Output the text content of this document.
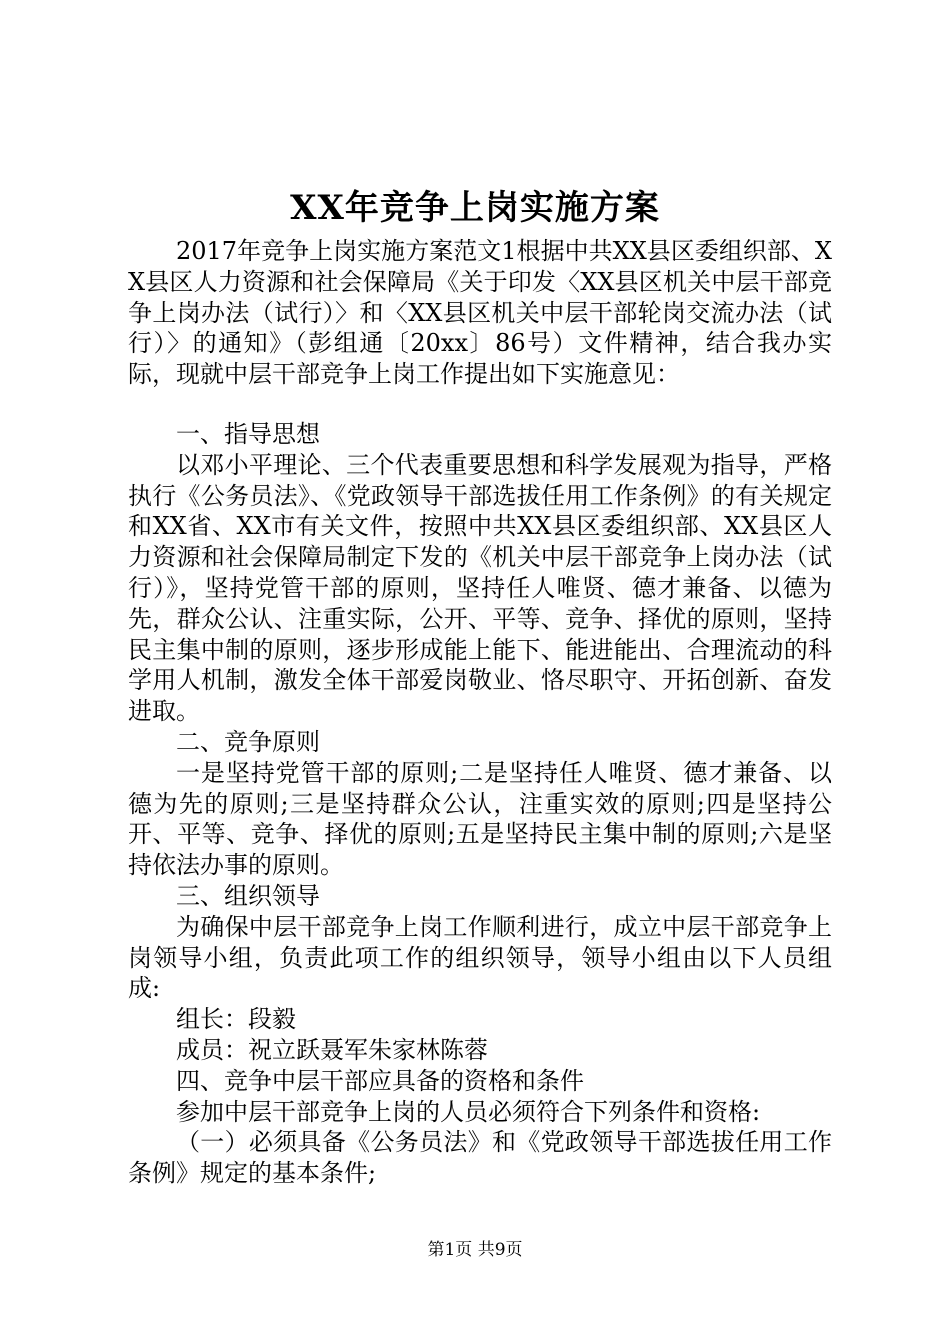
XX年竞争上岗实施方案

2017年竞争上岗实施方案范文1根据中共XX县区委组织部、XX县区人力资源和社会保障局《关于印发〈XX县区机关中层干部竞争上岗办法（试行）〉和〈XX县区机关中层干部轮岗交流办法（试行）〉的通知》（彭组通〔20xx〕86号）文件精神，结合我办实际，现就中层干部竞争上岗工作提出如下实施意见：

一、指导思想

以邓小平理论、三个代表重要思想和科学发展观为指导，严格执行《公务员法》、《党政领导干部选拔任用工作条例》的有关规定和XX省、XX市有关文件，按照中共XX县区委组织部、XX县区人力资源和社会保障局制定下发的《机关中层干部竞争上岗办法（试行）》，坚持党管干部的原则，坚持任人唯贤、德才兼备、以德为先，群众公认、注重实际，公开、平等、竞争、择优的原则，坚持民主集中制的原则，逐步形成能上能下、能进能出、合理流动的科学用人机制，激发全体干部爱岗敬业、恪尽职守、开拓创新、奋发进取。

二、竞争原则

一是坚持党管干部的原则;二是坚持任人唯贤、德才兼备、以德为先的原则;三是坚持群众公认，注重实效的原则;四是坚持公开、平等、竞争、择优的原则;五是坚持民主集中制的原则;六是坚持依法办事的原则。

三、组织领导

为确保中层干部竞争上岗工作顺利进行，成立中层干部竞争上岗领导小组，负责此项工作的组织领导，领导小组由以下人员组成:

组长：段毅

成员：祝立跃聂军朱家林陈蓉

四、竞争中层干部应具备的资格和条件

参加中层干部竞争上岗的人员必须符合下列条件和资格:

（一）必须具备《公务员法》和《党政领导干部选拔任用工作条例》规定的基本条件;

第1页 共9页
